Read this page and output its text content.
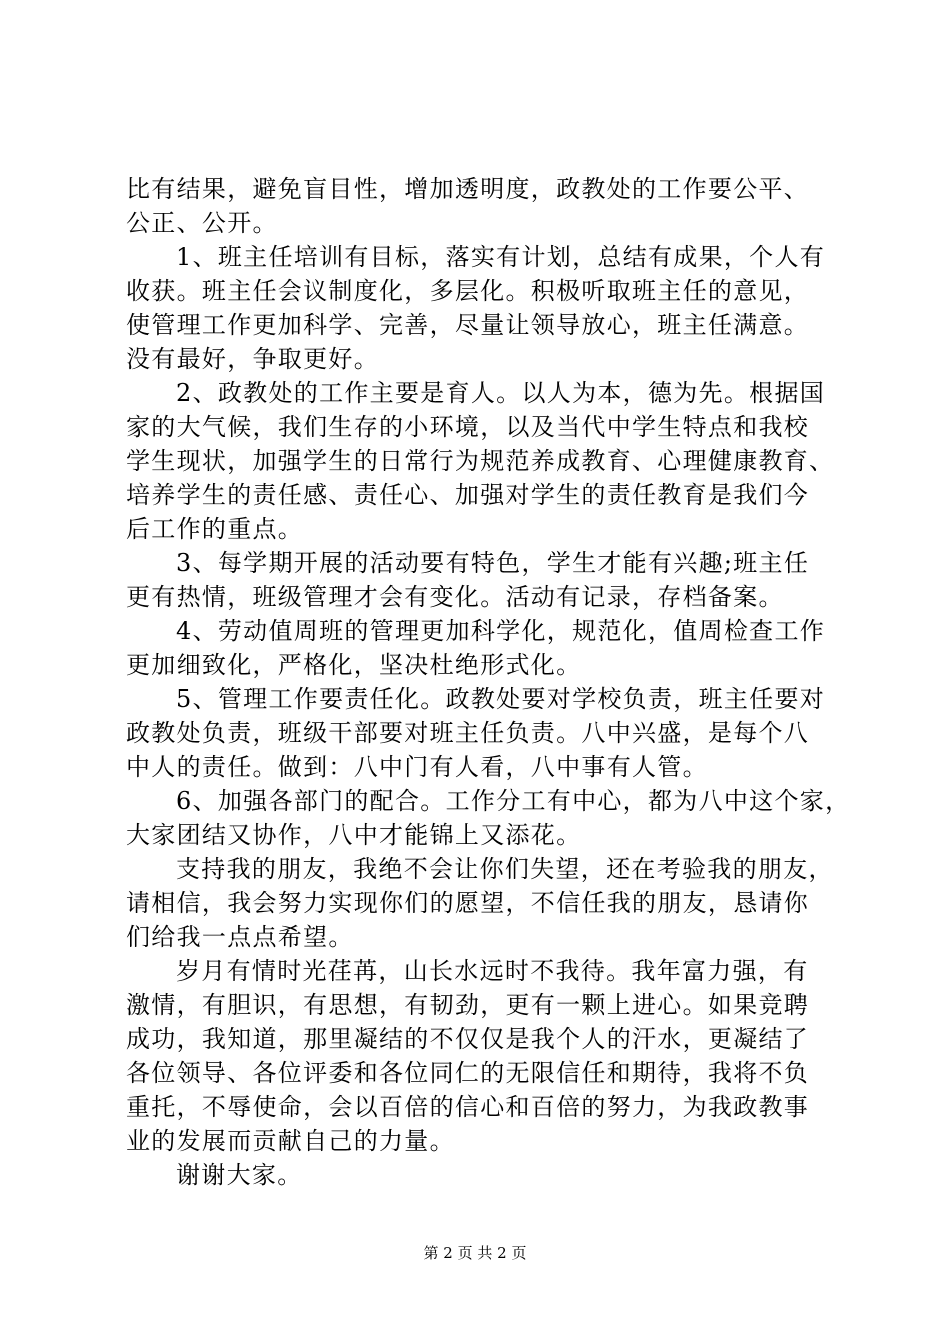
比有结果，避免盲目性，增加透明度，政教处的工作要公平、
公正、公开。
1、班主任培训有目标，落实有计划，总结有成果，个人有
收获。班主任会议制度化，多层化。积极听取班主任的意见，
使管理工作更加科学、完善，尽量让领导放心，班主任满意。
没有最好，争取更好。
2、政教处的工作主要是育人。以人为本，德为先。根据国
家的大气候，我们生存的小环境，以及当代中学生特点和我校
学生现状，加强学生的日常行为规范养成教育、心理健康教育、
培养学生的责任感、责任心、加强对学生的责任教育是我们今
后工作的重点。
3、每学期开展的活动要有特色，学生才能有兴趣;班主任
更有热情，班级管理才会有变化。活动有记录，存档备案。
4、劳动值周班的管理更加科学化，规范化，值周检查工作
更加细致化，严格化，坚决杜绝形式化。
5、管理工作要责任化。政教处要对学校负责，班主任要对
政教处负责，班级干部要对班主任负责。八中兴盛，是每个八
中人的责任。做到：八中门有人看，八中事有人管。
6、加强各部门的配合。工作分工有中心，都为八中这个家，
大家团结又协作，八中才能锦上又添花。
支持我的朋友，我绝不会让你们失望，还在考验我的朋友，
请相信，我会努力实现你们的愿望，不信任我的朋友，恳请你
们给我一点点希望。
岁月有情时光荏苒，山长水远时不我待。我年富力强，有
激情，有胆识，有思想，有韧劲，更有一颗上进心。如果竞聘
成功，我知道，那里凝结的不仅仅是我个人的汗水，更凝结了
各位领导、各位评委和各位同仁的无限信任和期待，我将不负
重托，不辱使命，会以百倍的信心和百倍的努力，为我政教事
业的发展而贡献自己的力量。
谢谢大家。
第 2 页 共 2 页
